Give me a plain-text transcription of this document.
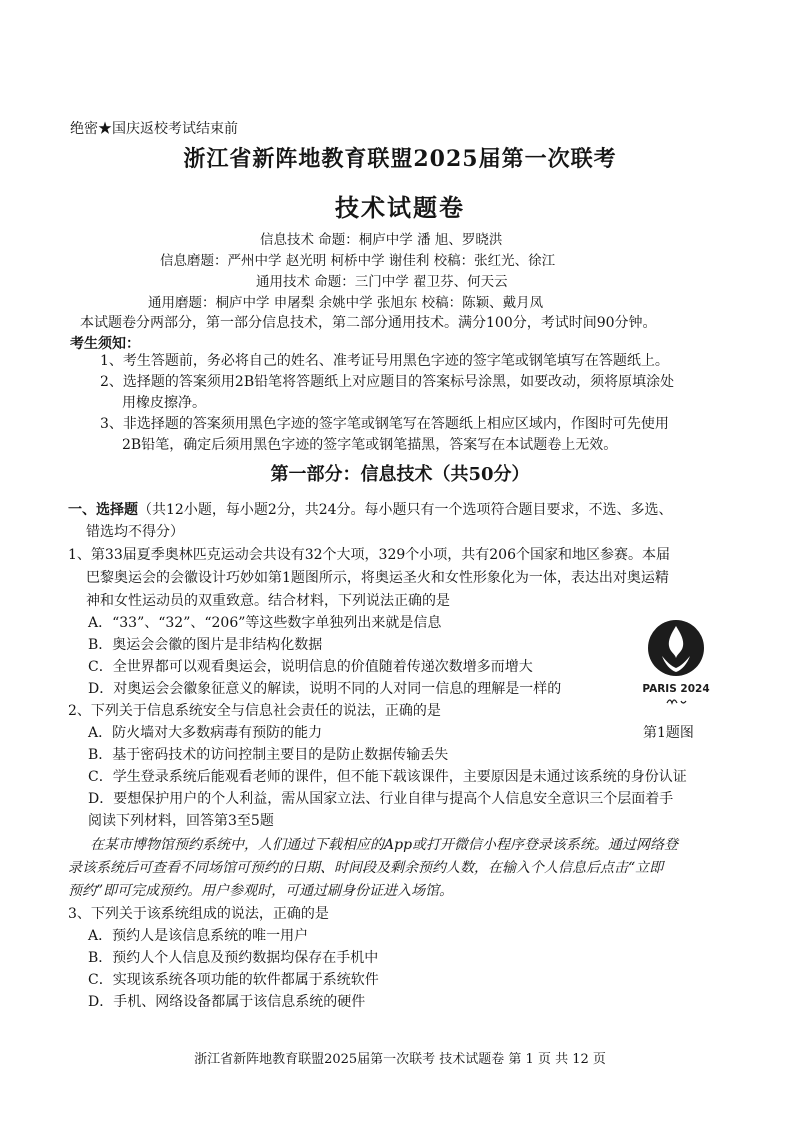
绝密★国庆返校考试结束前
浙江省新阵地教育联盟2025届第一次联考
技术试题卷
信息技术 命题：桐庐中学 潘 旭、罗晓洪
信息磨题：严州中学 赵光明 柯桥中学 谢佳利 校稿：张红光、徐江
通用技术 命题：三门中学 翟卫芬、何天云
通用磨题：桐庐中学 申屠梨 余姚中学 张旭东 校稿：陈颖、戴月凤
本试题卷分两部分，第一部分信息技术，第二部分通用技术。满分100分，考试时间90分钟。
考生须知：
1、考生答题前，务必将自己的姓名、准考证号用黑色字迹的签字笔或钢笔填写在答题纸上。
2、选择题的答案须用2B铅笔将答题纸上对应题目的答案标号涂黑，如要改动，须将原填涂处
用橡皮擦净。
3、非选择题的答案须用黑色字迹的签字笔或钢笔写在答题纸上相应区域内，作图时可先使用
2B铅笔，确定后须用黑色字迹的签字笔或钢笔描黑，答案写在本试题卷上无效。
第一部分：信息技术（共50分）
一、选择题（共12小题，每小题2分，共24分。每小题只有一个选项符合题目要求，不选、多选、
错选均不得分）
1、第33届夏季奥林匹克运动会共设有32个大项，329个小项，共有206个国家和地区参赛。本届
巴黎奥运会的会徽设计巧妙如第1题图所示，将奥运圣火和女性形象化为一体，表达出对奥运精
神和女性运动员的双重致意。结合材料，下列说法正确的是
A．“33”、“32”、“206”等这些数字单独列出来就是信息
B．奥运会会徽的图片是非结构化数据
C．全世界都可以观看奥运会，说明信息的价值随着传递次数增多而增大
D．对奥运会会徽象征意义的解读，说明不同的人对同一信息的理解是一样的	PARIS 2024
第1题图
2、下列关于信息系统安全与信息社会责任的说法，正确的是
A．防火墙对大多数病毒有预防的能力
B．基于密码技术的访问控制主要目的是防止数据传输丢失
C．学生登录系统后能观看老师的课件，但不能下载该课件，主要原因是未通过该系统的身份认证
D．要想保护用户的个人利益，需从国家立法、行业自律与提高个人信息安全意识三个层面着手
阅读下列材料，回答第3至5题
在某市博物馆预约系统中，人们通过下载相应的App或打开微信小程序登录该系统。通过网络登
录该系统后可查看不同场馆可预约的日期、时间段及剩余预约人数，在输入个人信息后点击“立即
预约”即可完成预约。用户参观时，可通过刷身份证进入场馆。
3、下列关于该系统组成的说法，正确的是
A．预约人是该信息系统的唯一用户
B．预约人个人信息及预约数据均保存在手机中
C．实现该系统各项功能的软件都属于系统软件
D．手机、网络设备都属于该信息系统的硬件
浙江省新阵地教育联盟2025届第一次联考 技术试题卷 第 1 页 共 12 页
